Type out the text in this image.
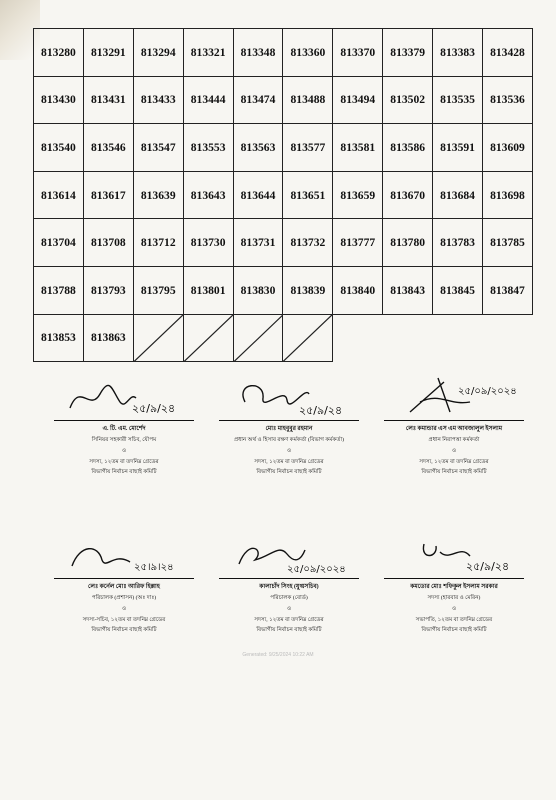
813280	813291	813294	813321	813348	813360	813370	813379	813383	813428
813430	813431	813433	813444	813474	813488	813494	813502	813535	813536
813540	813546	813547	813553	813563	813577	813581	813586	813591	813609
813614	813617	813639	813643	813644	813651	813659	813670	813684	813698
813704	813708	813712	813730	813731	813732	813777	813780	813783	813785
813788	813793	813795	813801	813830	813839	813840	813843	813845	813847
813853	813863	

২৫/৯/২৪
এ. টি. এম. মোর্শেদ
সিনিয়র সহকারী সচিব, যৌপম
ও
সদস্য, ১২তম বা তদনিম্ন গ্রেডের
বিভাগীয় নির্বাচন বাছাই কমিটি
২৫/৯/২৪
মোঃ মাহবুবুর রহমান
প্রধান অর্থ ও হিসাব রক্ষণ কর্মকর্তা (বিভাগ কর্মকর্তা)
ও
সদস্য, ১২তম বা তদনিম্ন গ্রেডের
বিভাগীয় নির্বাচন বাছাই কমিটি
২৫/০৯/২০২৪
লেঃ কমান্ডার এস এম আবজালুল ইসলাম
প্রধান নিরাপত্তা কর্মকর্তা
ও
সদস্য, ১২তম বা তদনিম্ন গ্রেডের
বিভাগীয় নির্বাচন বাছাই কমিটি
২৫।৯।২৪
লেঃ কর্নেল মোঃ আরিফ হিল্লাহ
পরিচালক (প্রশাসন) (অঃ দাঃ)
ও
সদস্য-সচিব, ১২তম বা তদনিম্ন গ্রেডের
বিভাগীয় নির্বাচন বাছাই কমিটি
২৫/০৯/২০২৪
কালাচাঁদ সিংহ (যুগ্মসচিব)
পরিচালক (বোর্ড)
ও
সদস্য, ১২তম বা তদনিম্ন গ্রেডের
বিভাগীয় নির্বাচন বাছাই কমিটি
২৫/৯/২৪
কমডোর মোঃ শফিকুল ইসলাম সরকার
সদস্য (হারবার ও মেরিন)
ও
সভাপতি, ১২তম বা তদনিম্ন গ্রেডের
বিভাগীয় নির্বাচন বাছাই কমিটি
Generated: 9/25/2024 10:22 AM
